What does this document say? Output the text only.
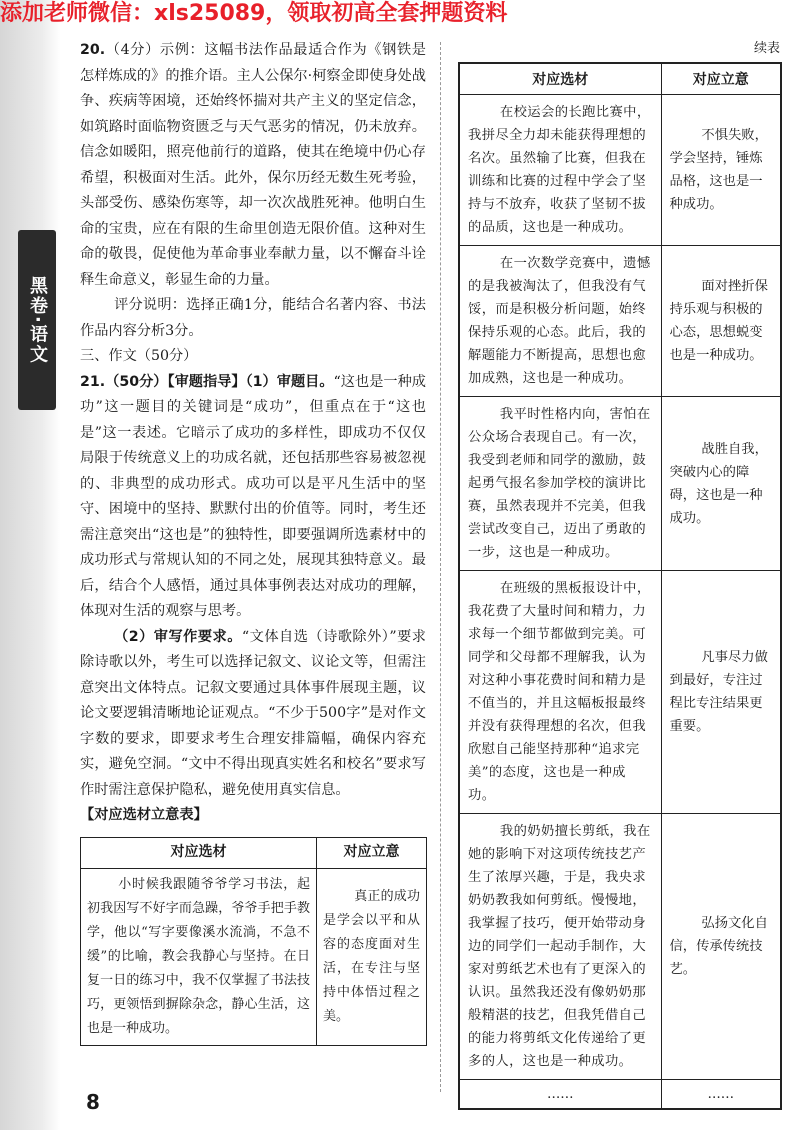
添加老师微信：xls25089，领取初高全套押题资料
黑卷·语文

20.（4分）示例：这幅书法作品最适合作为《钢铁是怎样炼成的》的推介语。主人公保尔·柯察金即使身处战争、疾病等困境，还始终怀揣对共产主义的坚定信念，如筑路时面临物资匮乏与天气恶劣的情况，仍未放弃。信念如暖阳，照亮他前行的道路，使其在绝境中仍心存希望，积极面对生活。此外，保尔历经无数生死考验，头部受伤、感染伤寒等，却一次次战胜死神。他明白生命的宝贵，应在有限的生命里创造无限价值。这种对生命的敬畏，促使他为革命事业奉献力量，以不懈奋斗诠释生命意义，彰显生命的力量。

评分说明：选择正确1分，能结合名著内容、书法作品内容分析3分。

三、作文（50分）

21.（50分）【审题指导】（1）审题目。“这也是一种成功”这一题目的关键词是“成功”，但重点在于“这也是”这一表述。它暗示了成功的多样性，即成功不仅仅局限于传统意义上的功成名就，还包括那些容易被忽视的、非典型的成功形式。成功可以是平凡生活中的坚守、困境中的坚持、默默付出的价值等。同时，考生还需注意突出“这也是”的独特性，即要强调所选素材中的成功形式与常规认知的不同之处，展现其独特意义。最后，结合个人感悟，通过具体事例表达对成功的理解，体现对生活的观察与思考。

（2）审写作要求。“文体自选（诗歌除外）”要求除诗歌以外，考生可以选择记叙文、议论文等，但需注意突出文体特点。记叙文要通过具体事件展现主题，议论文要逻辑清晰地论证观点。“不少于500字”是对作文字数的要求，即要求考生合理安排篇幅，确保内容充实，避免空洞。“文中不得出现真实姓名和校名”要求写作时需注意保护隐私，避免使用真实信息。

【对应选材立意表】

对应选材	对应立意

小时候我跟随爷爷学习书法，起初我因写不好字而急躁，爷爷手把手教学，他以“写字要像溪水流淌，不急不缓”的比喻，教会我静心与坚持。在日复一日的练习中，我不仅掌握了书法技巧，更领悟到摒除杂念，静心生活，这也是一种成功。	真正的成功是学会以平和从容的态度面对生活，在专注与坚持中体悟过程之美。

续表
对应选材	对应立意

在校运会的长跑比赛中，我拼尽全力却未能获得理想的名次。虽然输了比赛，但我在训练和比赛的过程中学会了坚持与不放弃，收获了坚韧不拔的品质，这也是一种成功。	不惧失败，学会坚持，锤炼品格，这也是一种成功。

在一次数学竞赛中，遗憾的是我被淘汰了，但我没有气馁，而是积极分析问题，始终保持乐观的心态。此后，我的解题能力不断提高，思想也愈加成熟，这也是一种成功。	面对挫折保持乐观与积极的心态，思想蜕变也是一种成功。

我平时性格内向，害怕在公众场合表现自己。有一次，我受到老师和同学的激励，鼓起勇气报名参加学校的演讲比赛，虽然表现并不完美，但我尝试改变自己，迈出了勇敢的一步，这也是一种成功。	战胜自我，突破内心的障碍，这也是一种成功。

在班级的黑板报设计中，我花费了大量时间和精力，力求每一个细节都做到完美。可同学和父母都不理解我，认为对这种小事花费时间和精力是不值当的，并且这幅板报最终并没有获得理想的名次，但我欣慰自己能坚持那种“追求完美”的态度，这也是一种成功。	凡事尽力做到最好，专注过程比专注结果更重要。

我的奶奶擅长剪纸，我在她的影响下对这项传统技艺产生了浓厚兴趣，于是，我央求奶奶教我如何剪纸。慢慢地，我掌握了技巧，便开始带动身边的同学们一起动手制作，大家对剪纸艺术也有了更深入的认识。虽然我还没有像奶奶那般精湛的技艺，但我凭借自己的能力将剪纸文化传递给了更多的人，这也是一种成功。	弘扬文化自信，传承传统技艺。

……	……
8
